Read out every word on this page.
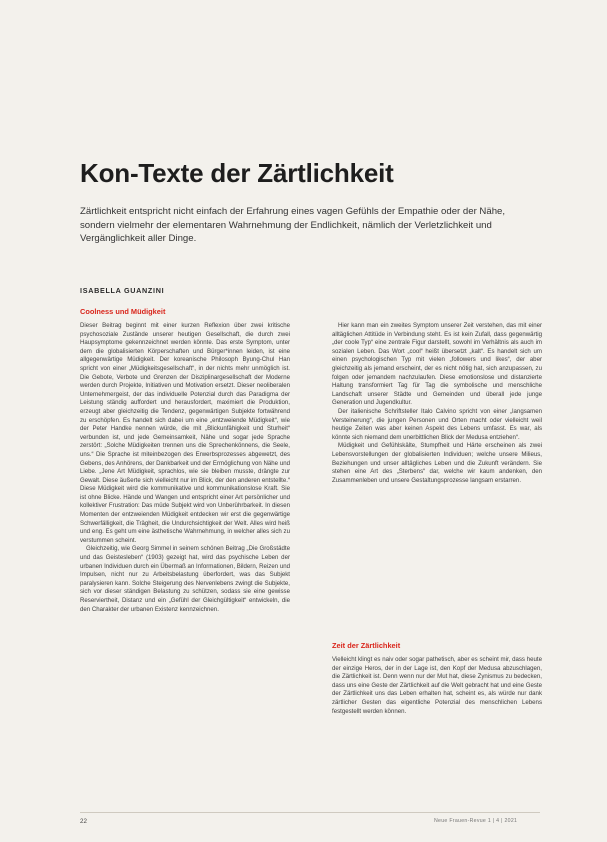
Kon-Texte der Zärtlichkeit

Zärtlichkeit entspricht nicht einfach der Erfahrung eines vagen Gefühls der Empathie oder der Nähe, sondern vielmehr der elementaren Wahrnehmung der Endlichkeit, nämlich der Verletzlichkeit und Vergänglichkeit aller Dinge.

ISABELLA GUANZINI
Coolness und Müdigkeit

Dieser Beitrag beginnt mit einer kurzen Reflexion über zwei kritische psychosoziale Zustände unserer heutigen Gesellschaft, die durch zwei Haupsymptome gekennzeichnet werden könnte. Das erste Symptom, unter dem die globalisierten Körperschaften und Bürger*innen leiden, ist eine allgegenwärtige Müdigkeit. Der koreanische Philosoph Byung-Chul Han spricht von einer „Müdigkeitsgesellschaft“, in der nichts mehr unmöglich ist. Die Gebote, Verbote und Grenzen der Disziplinargesellschaft der Moderne werden durch Projekte, Initiativen und Motivation ersetzt. Dieser neoliberalen Unternehmergeist, der das individuelle Potenzial durch das Paradigma der Leistung ständig auffordert und herausfordert, maximiert die Produktion, erzeugt aber gleichzeitig die Tendenz, gegenwärtigen Subjekte fortwährend zu erschöpfen. Es handelt sich dabei um eine „entzweiende Müdigkeit“, wie der Peter Handke nennen würde, die mit „Blickunfähigkeit und Sturheit“ verbunden ist, und jede Gemeinsamkeit, Nähe und sogar jede Sprache zerstört: „Solche Müdigkeiten trennen uns die Sprechenkönnens, die Seele, uns.“ Die Sprache ist miteinbezogen des Erwerbsprozesses abgewetzt, des Gebens, des Anhörens, der Dankbarkeit und der Ermöglichung von Nähe und Liebe. „Jene Art Müdigkeit, sprachlos, wie sie bleiben musste, drängte zur Gewalt. Diese äußerte sich vielleicht nur im Blick, der den anderen entstellte.“ Diese Müdigkeit wird die kommunikative und kommunikationslose Kraft. Sie ist ohne Blicke. Hände und Wangen und entspricht einer Art persönlicher und kollektiver Frustration: Das müde Subjekt wird von Unberührbarkeit. In diesen Momenten der entzweienden Müdigkeit entdecken wir erst die gegenwärtige Schwerfälligkeit, die Trägheit, die Undurchsichtigkeit der Welt. Alles wird heiß und eng. Es geht um eine ästhetische Wahrnehmung, in welcher alles sich zu verstummen scheint.

Gleichzeitig, wie Georg Simmel in seinem schönen Beitrag „Die Großstädte und das Geistesleben“ (1903) gezeigt hat, wird das psychische Leben der urbanen Individuen durch ein Übermaß an Informationen, Bildern, Reizen und Impulsen, nicht nur zu Arbeitsbelastung überfordert, was das Subjekt paralysieren kann. Solche Steigerung des Nervenlebens zwingt die Subjekte, sich vor dieser ständigen Belastung zu schützen, sodass sie eine gewisse Reserviertheit, Distanz und ein „Gefühl der Gleichgültigkeit“ entwickeln, die den Charakter der urbanen Existenz kennzeichnen.

Hier kann man ein zweites Symptom unserer Zeit verstehen, das mit einer alltäglichen Attitüde in Verbindung steht. Es ist kein Zufall, dass gegenwärtig „der coole Typ“ eine zentrale Figur darstellt, sowohl im Verhältnis als auch im sozialen Leben. Das Wort „cool“ heißt übersetzt „kalt“. Es handelt sich um einen psychologischen Typ mit vielen „followers und likes“, der aber gleichzeitig als jemand erscheint, der es nicht nötig hat, sich anzupassen, zu folgen oder jemandem nachzulaufen. Diese emotionslose und distanzierte Haltung transformiert Tag für Tag die symbolische und menschliche Landschaft unserer Städte und Gemeinden und überall jede junge Generation und Jugendkultur.

Der italienische Schriftsteller Italo Calvino spricht von einer „langsamen Versteinerung“, die jungen Personen und Orten macht oder vielleicht weil heutige Zeiten was aber keinen Aspekt des Lebens umfasst. Es war, als könnte sich niemand dem unerbittlichen Blick der Medusa entziehen“.

Müdigkeit und Gefühlskälte, Stumpfheit und Härte erscheinen als zwei Lebensvorstellungen der globalisierten Individuen; welche unsere Milieus, Beziehungen und unser alltägliches Leben und die Zukunft verändern. Sie stehen eine Art des „Sterbens“ dar, welche wir kaum andenken, den Zusammenleben und unsere Gestaltungsprozesse langsam erstarren.

Zeit der Zärtlichkeit

Vielleicht klingt es naiv oder sogar pathetisch, aber es scheint mir, dass heute der einzige Heros, der in der Lage ist, den Kopf der Medusa abzuschlagen, die Zärtlichkeit ist. Denn wenn nur der Mut hat, diese Zynismus zu bedecken, dass uns eine Geste der Zärtlichkeit auf die Welt gebracht hat und eine Geste der Zärtlichkeit uns das Leben erhalten hat, scheint es, als würde nur dank zärtlicher Gesten das eigentliche Potenzial des menschlichen Lebens festgestellt werden können.

22	Neue Frauen-Revue 1 | 4 | 2021
